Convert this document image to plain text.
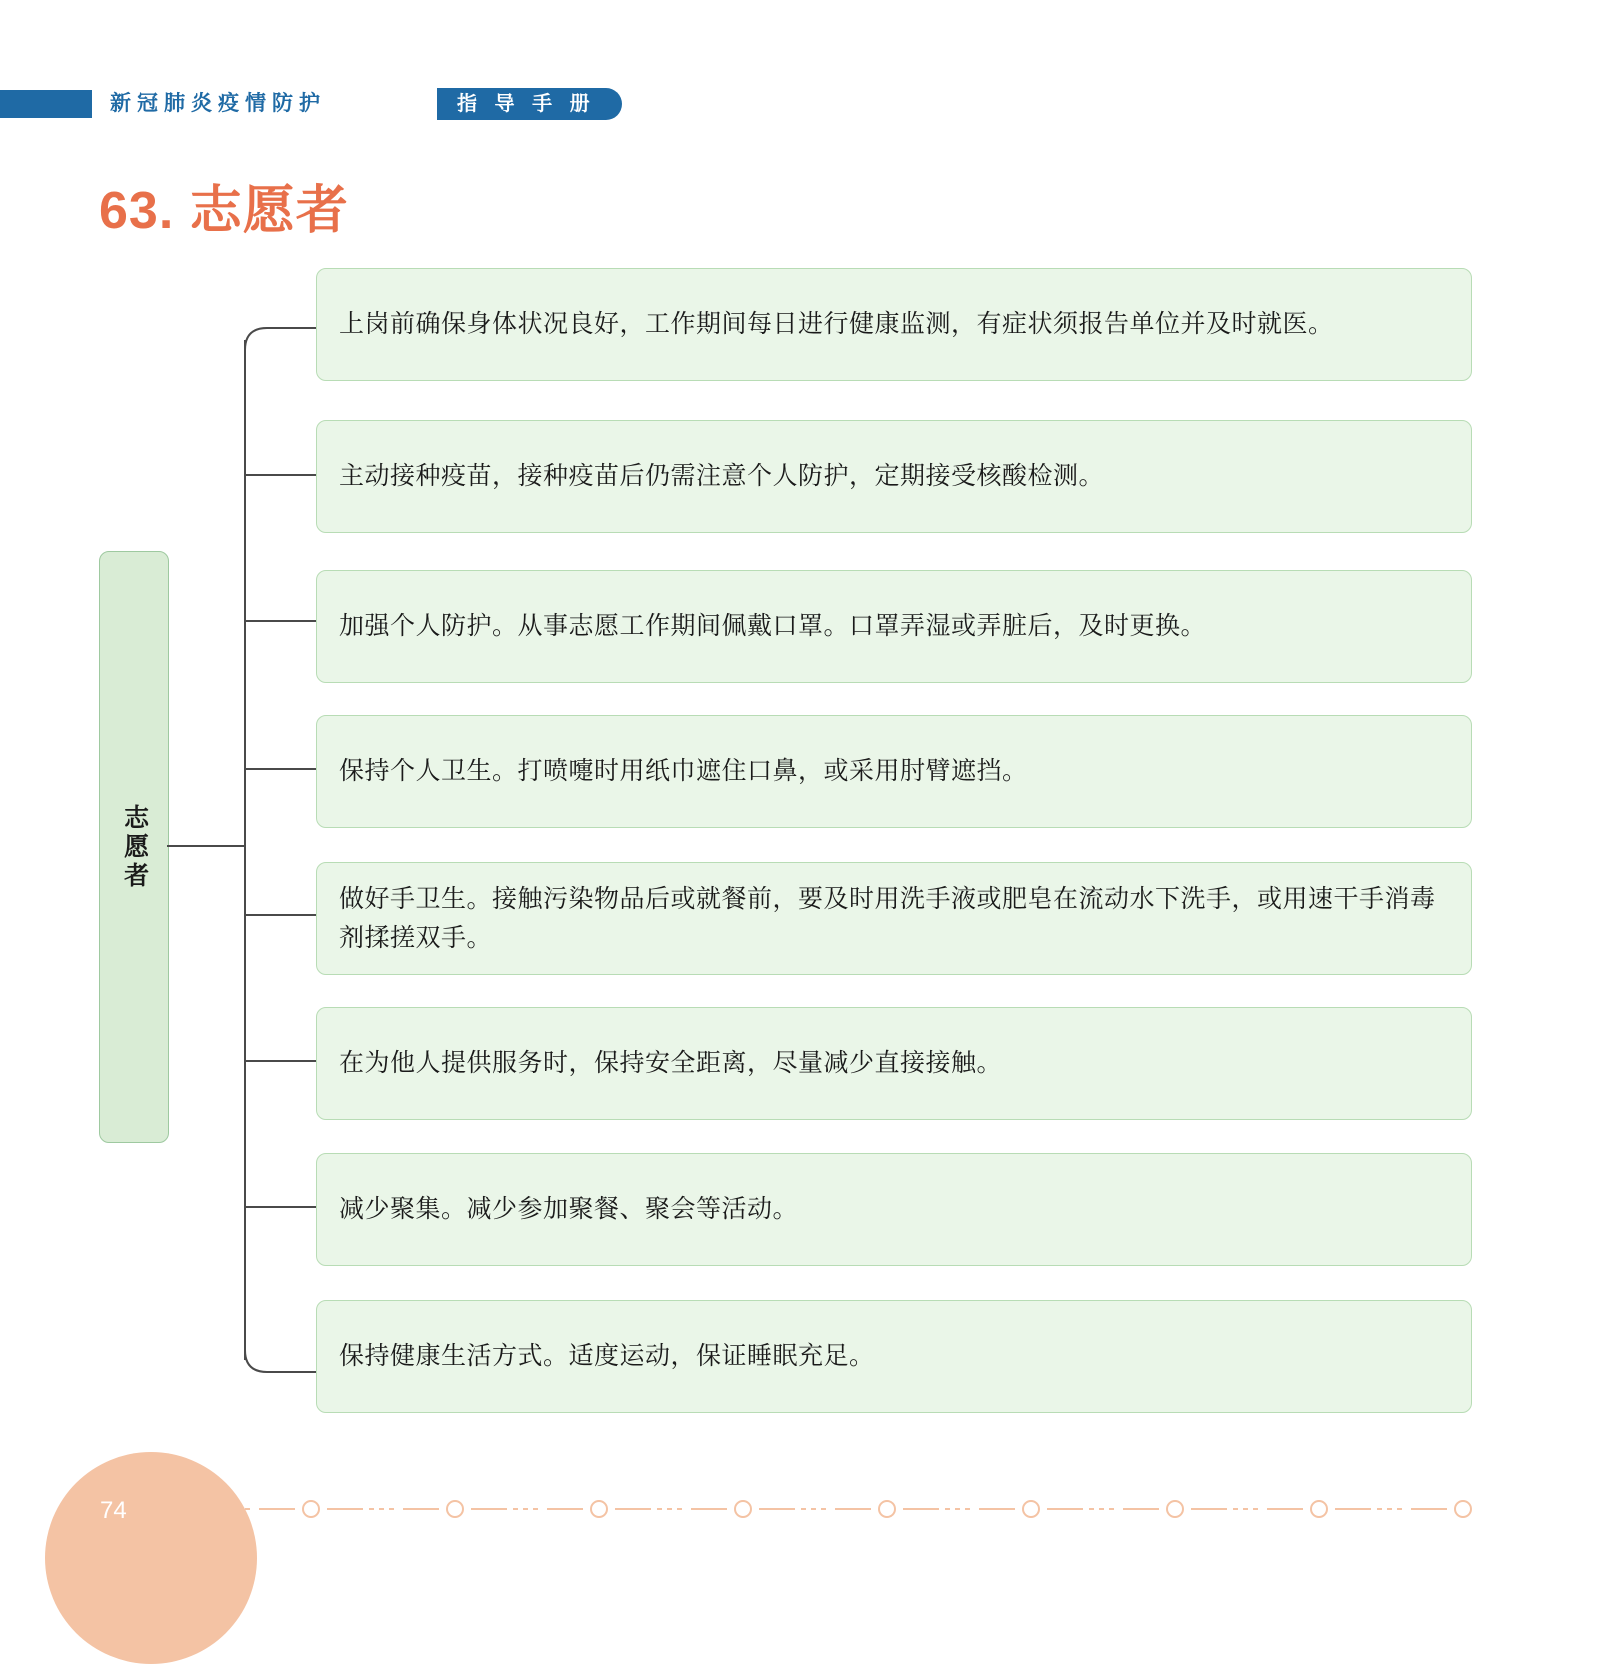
新冠肺炎疫情防护	指 导 手 册
63. 志愿者
志愿者
上岗前确保身体状况良好，工作期间每日进行健康监测，有症状须报告单位并及时就医。
主动接种疫苗，接种疫苗后仍需注意个人防护，定期接受核酸检测。
加强个人防护。从事志愿工作期间佩戴口罩。口罩弄湿或弄脏后，及时更换。
保持个人卫生。打喷嚏时用纸巾遮住口鼻，或采用肘臂遮挡。
做好手卫生。接触污染物品后或就餐前，要及时用洗手液或肥皂在流动水下洗手，或用速干手消毒剂揉搓双手。
在为他人提供服务时，保持安全距离，尽量减少直接接触。
减少聚集。减少参加聚餐、聚会等活动。
保持健康生活方式。适度运动，保证睡眠充足。
74
